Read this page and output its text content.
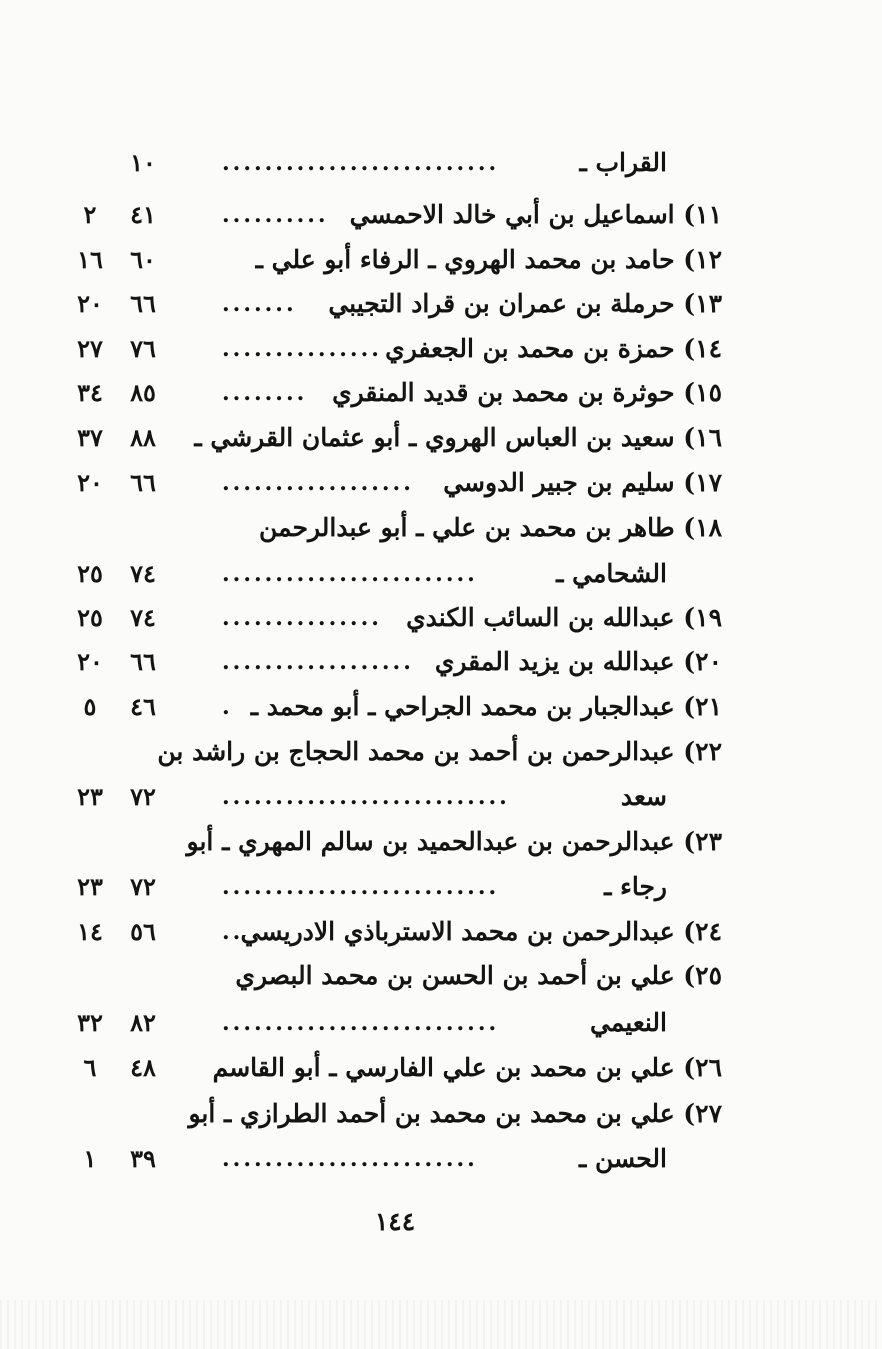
القراب ـ
..........................
١٠
١١) اسماعيل بن أبي خالد الاحمسي
..........
٤١
٢
١٢) حامد بن محمد الهروي ـ الرفاء أبو علي ـ
٦٠
١٦
١٣) حرملة بن عمران بن قراد التجيبي
.......
٦٦
٢٠
١٤) حمزة بن محمد بن الجعفري
...............
٧٦
٢٧
١٥) حوثرة بن محمد بن قديد المنقري
........
٨٥
٣٤
١٦) سعيد بن العباس الهروي ـ أبو عثمان القرشي ـ
٨٨
٣٧
١٧) سليم بن جبير الدوسي
..................
٦٦
٢٠
١٨) طاهر بن محمد بن علي ـ أبو عبدالرحمن
الشحامي ـ
........................
٧٤
٢٥
١٩) عبدالله بن السائب الكندي
...............
٧٤
٢٥
٢٠) عبدالله بن يزيد المقري
..................
٦٦
٢٠
٢١) عبدالجبار بن محمد الجراحي ـ أبو محمد ـ
.
٤٦
٥
٢٢) عبدالرحمن بن أحمد بن محمد الحجاج بن راشد بن
سعد
...........................
٧٢
٢٣
٢٣) عبدالرحمن بن عبدالحميد بن سالم المهري ـ أبو
رجاء ـ
..........................
٧٢
٢٣
٢٤) عبدالرحمن بن محمد الاسترباذي الادريسي
..
٥٦
١٤
٢٥) علي بن أحمد بن الحسن بن محمد البصري
النعيمي
..........................
٨٢
٣٢
٢٦) علي بن محمد بن علي الفارسي ـ أبو القاسم
٤٨
٦
٢٧) علي بن محمد بن محمد بن أحمد الطرازي ـ أبو
الحسن ـ
........................
٣٩
١
١٤٤
